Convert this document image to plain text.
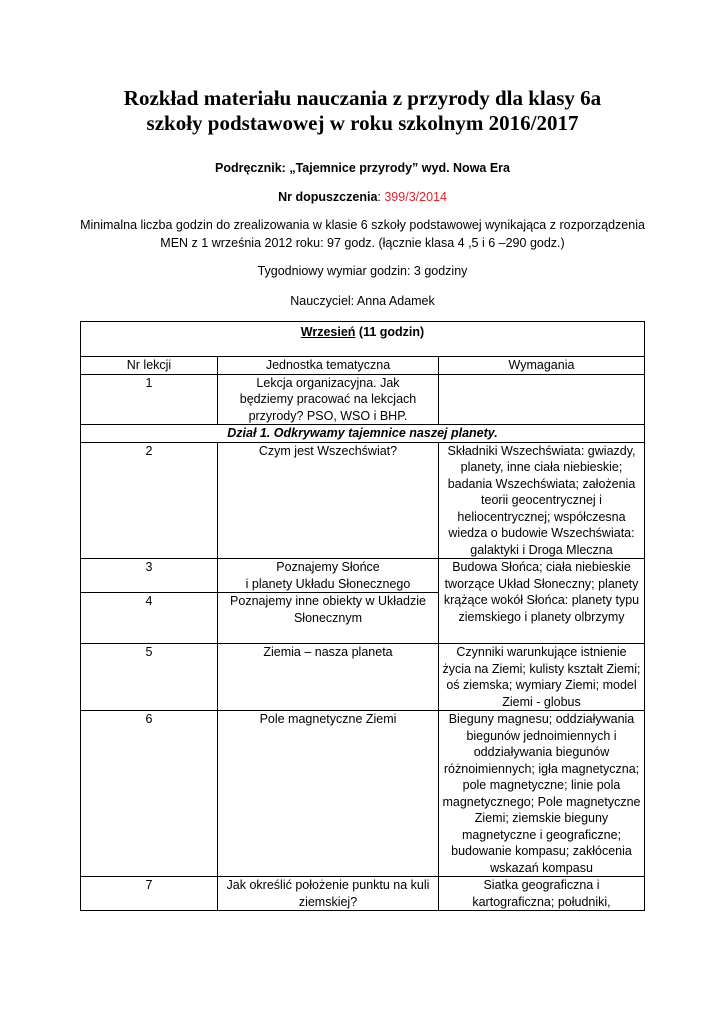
Rozkład materiału nauczania z przyrody dla klasy 6a
szkoły podstawowej w roku szkolnym 2016/2017
Podręcznik: „Tajemnice przyrody” wyd. Nowa Era
Nr dopuszczenia: 399/3/2014
Minimalna liczba godzin do zrealizowania w klasie 6 szkoły podstawowej wynikająca z rozporządzenia
MEN z 1 września 2012 roku: 97 godz. (łącznie klasa 4 ,5 i 6 –290 godz.)
Tygodniowy wymiar godzin: 3 godziny
Nauczyciel: Anna Adamek
Wrzesień (11 godzin)		
Nr lekcji	Jednostka tematyczna	Wymagania
1	Lekcja organizacyjna. Jak będziemy pracować na lekcjach przyrody? PSO, WSO i BHP.	
Dział 1. Odkrywamy tajemnice naszej planety.		
2	Czym jest Wszechświat?	Składniki Wszechświata: gwiazdy, planety, inne ciała niebieskie; badania Wszechświata; założenia teorii geocentrycznej i heliocentrycznej; współczesna wiedza o budowie Wszechświata: galaktyki i Droga Mleczna
3	Poznajemy Słońce
i planety Układu Słonecznego	Budowa Słońca; ciała niebieskie tworzące Układ Słoneczny; planety krążące wokół Słońca: planety typu ziemskiego i planety olbrzymy
4	Poznajemy inne obiekty w Układzie Słonecznym	
5	Ziemia – nasza planeta	Czynniki warunkujące istnienie życia na Ziemi; kulisty kształt Ziemi;
oś ziemska; wymiary Ziemi; model Ziemi - globus

6	Pole magnetyczne Ziemi	Bieguny magnesu; oddziaływania biegunów jednoimiennych i oddziaływania biegunów różnoimiennych; igła magnetyczna; pole magnetyczne; linie pola magnetycznego; Pole magnetyczne Ziemi; ziemskie bieguny magnetyczne i geograficzne; budowanie kompasu; zakłócenia wskazań kompasu
7	Jak określić położenie punktu na kuli ziemskiej?	Siatka geograficzna i kartograficzna; południki,
